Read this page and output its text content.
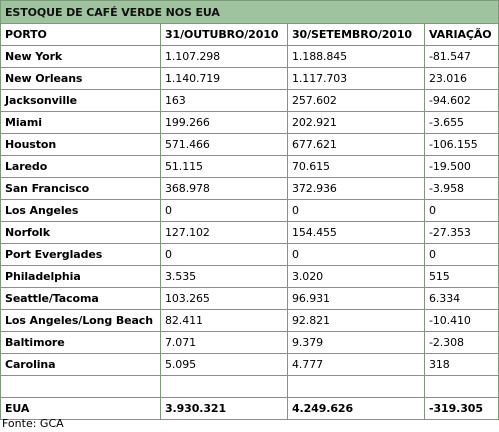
ESTOQUE DE CAFÉ VERDE NOS EUA			
PORTO	31/OUTUBRO/2010	30/SETEMBRO/2010	VARIAÇÃO
New York	1.107.298	1.188.845	-81.547
New Orleans	1.140.719	1.117.703	23.016
Jacksonville	163	257.602	-94.602
Miami	199.266	202.921	-3.655
Houston	571.466	677.621	-106.155
Laredo	51.115	70.615	-19.500
San Francisco	368.978	372.936	-3.958
Los Angeles	0	0	0
Norfolk	127.102	154.455	-27.353
Port Everglades	0	0	0
Philadelphia	3.535	3.020	515
Seattle/Tacoma	103.265	96.931	6.334
Los Angeles/Long Beach	82.411	92.821	-10.410
Baltimore	7.071	9.379	-2.308
Carolina	5.095	4.777	318

EUA	3.930.321	4.249.626	-319.305
Fonte: GCA
